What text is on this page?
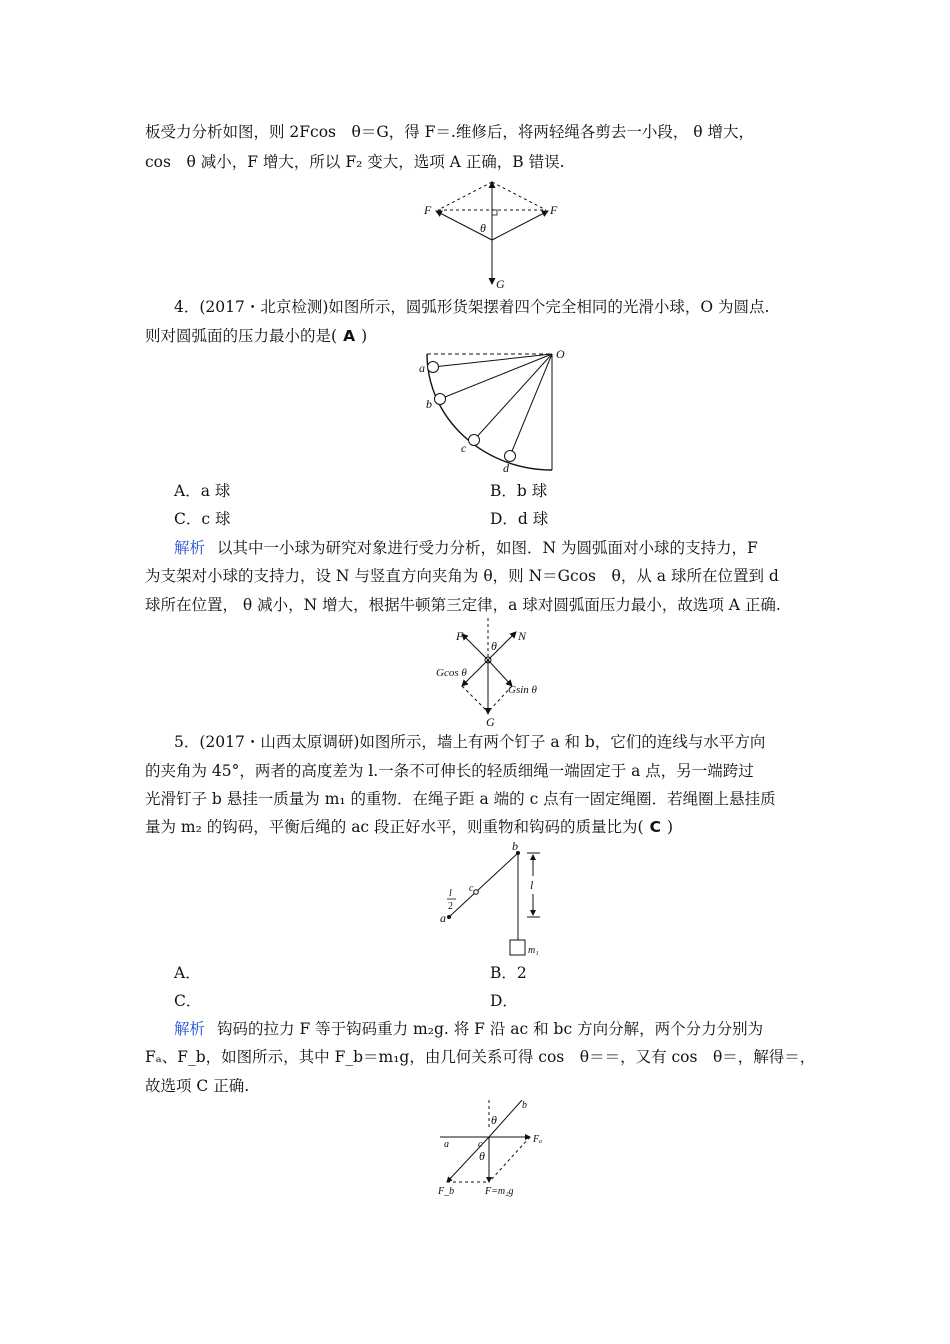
板受力分析如图，则 2Fcos　θ＝G，得 F＝.维修后，将两轻绳各剪去一小段， θ 增大，
cos　θ 减小，F 增大，所以 F₂ 变大，选项 A 正确，B 错误.
F	F
θ
G
4．(2017・北京检测)如图所示，圆弧形货架摆着四个完全相同的光滑小球，O 为圆点.
则对圆弧面的压力最小的是( A )
O
a
b
c
d
A．a 球	B．b 球
C．c 球	D．d 球
解析 以其中一小球为研究对象进行受力分析，如图．N 为圆弧面对小球的支持力，F
为支架对小球的支持力，设 N 与竖直方向夹角为 θ，则 N＝Gcos　θ，从 a 球所在位置到 d
球所在位置， θ 减小，N 增大，根据牛顿第三定律，a 球对圆弧面压力最小，故选项 A 正确.
F	N
θ
Gcos θ
Gsin θ
G
5．(2017・山西太原调研)如图所示，墙上有两个钉子 a 和 b，它们的连线与水平方向
的夹角为 45°，两者的高度差为 l.一条不可伸长的轻质细绳一端固定于 a 点，另一端跨过
光滑钉子 b 悬挂一质量为 m₁ 的重物．在绳子距 a 端的 c 点有一固定绳圈．若绳圈上悬挂质
量为 m₂ 的钩码，平衡后绳的 ac 段正好水平，则重物和钩码的质量比为( C )
b
l
l
2
c
a
m₁
A．	B．2
C．	D．
解析 钩码的拉力 F 等于钩码重力 m₂g. 将 F 沿 ac 和 bc 方向分解，两个分力分别为
Fₐ、F_b，如图所示，其中 F_b＝m₁g，由几何关系可得 cos　θ＝＝，又有 cos　θ＝，解得＝，
故选项 C 正确.
b
θ
a	c
θ
Fₐ
F_b	F=m₂g
